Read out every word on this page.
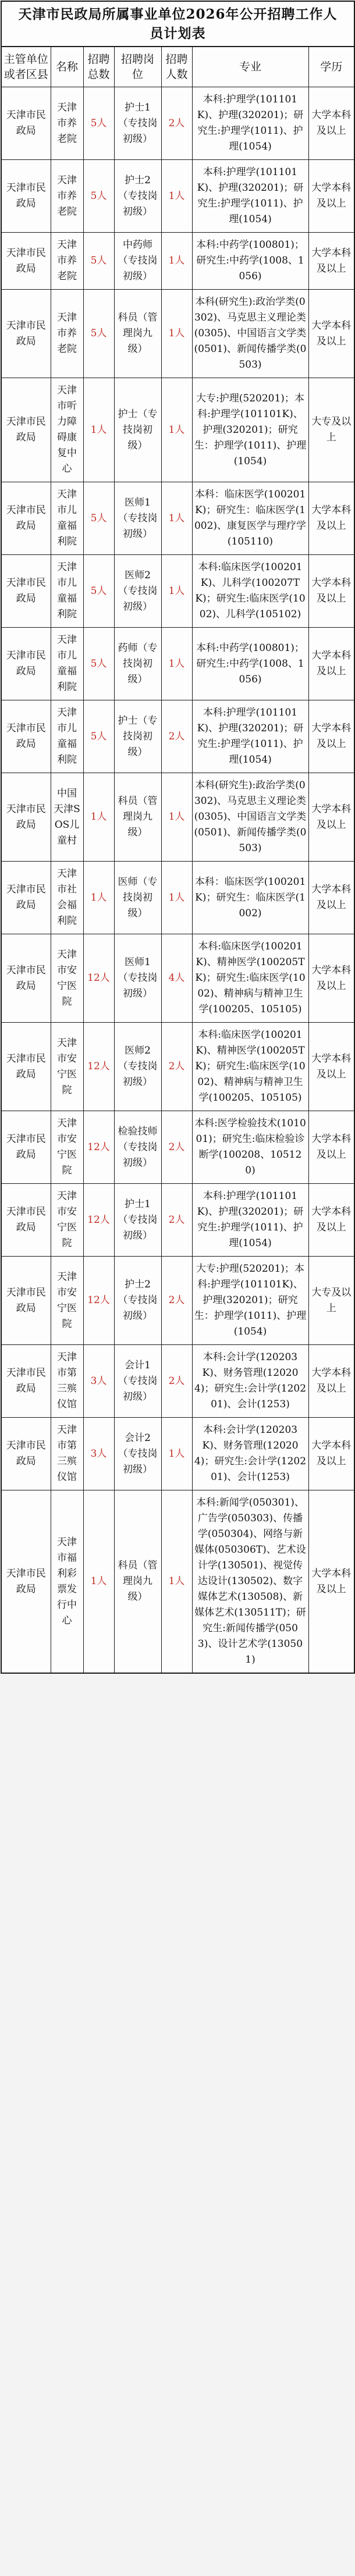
天津市民政局所属事业单位2026年公开招聘工作人员计划表
主管单位或者区县	名称	招聘总数	招聘岗位	招聘人数	专业	学历
天津市民政局	天津市养老院	5人	护士1（专技岗初级）	2人	本科:护理学(101101K)、护理(320201)；研究生:护理学(1011)、护理(1054)	大学本科及以上
天津市民政局	天津市养老院	5人	护士2（专技岗初级）	1人	本科:护理学(101101K)、护理(320201)；研究生:护理学(1011)、护理(1054)	大学本科及以上
天津市民政局	天津市养老院	5人	中药师（专技岗初级）	1人	本科:中药学(100801)；研究生:中药学(1008、1056)	大学本科及以上
天津市民政局	天津市养老院	5人	科员（管理岗九级）	1人	本科(研究生):政治学类(0302)、马克思主义理论类(0305)、中国语言文学类(0501)、新闻传播学类(0503)	大学本科及以上
天津市民政局	天津市听力障碍康复中心	1人	护士（专技岗初级）	1人	大专:护理(520201)；本科:护理学(101101K)、护理(320201)；研究生：护理学(1011)、护理(1054)	大专及以上
天津市民政局	天津市儿童福利院	5人	医师1（专技岗初级）	1人	本科：临床医学(100201K)；研究生：临床医学(1002)、康复医学与理疗学(105110)	大学本科及以上
天津市民政局	天津市儿童福利院	5人	医师2（专技岗初级）	1人	本科:临床医学(100201K)、儿科学(100207TK)；研究生:临床医学(1002)、儿科学(105102)	大学本科及以上
天津市民政局	天津市儿童福利院	5人	药师（专技岗初级）	1人	本科:中药学(100801)；研究生:中药学(1008、1056)	大学本科及以上
天津市民政局	天津市儿童福利院	5人	护士（专技岗初级）	2人	本科:护理学(101101K)、护理(320201)；研究生:护理学(1011)、护理(1054)	大学本科及以上
天津市民政局	中国天津SOS儿童村	1人	科员（管理岗九级）	1人	本科(研究生):政治学类(0302)、马克思主义理论类(0305)、中国语言文学类(0501)、新闻传播学类(0503)	大学本科及以上
天津市民政局	天津市社会福利院	1人	医师（专技岗初级）	1人	本科：临床医学(100201K)；研究生：临床医学(1002)	大学本科及以上
天津市民政局	天津市安宁医院	12人	医师1（专技岗初级）	4人	本科:临床医学(100201K)、精神医学(100205TK)；研究生:临床医学(1002)、精神病与精神卫生学(100205、105105)	大学本科及以上
天津市民政局	天津市安宁医院	12人	医师2（专技岗初级）	2人	本科:临床医学(100201K)、精神医学(100205TK)；研究生:临床医学(1002)、精神病与精神卫生学(100205、105105)	大学本科及以上
天津市民政局	天津市安宁医院	12人	检验技师（专技岗初级）	2人	本科:医学检验技术(101001)；研究生:临床检验诊断学(100208、105120)	大学本科及以上
天津市民政局	天津市安宁医院	12人	护士1（专技岗初级）	2人	本科:护理学(101101K)、护理(320201)；研究生:护理学(1011)、护理(1054)	大学本科及以上
天津市民政局	天津市安宁医院	12人	护士2（专技岗初级）	2人	大专:护理(520201)；本科:护理学(101101K)、护理(320201)；研究生：护理学(1011)、护理(1054)	大专及以上
天津市民政局	天津市第三殡仪馆	3人	会计1（专技岗初级）	2人	本科:会计学(120203K)、财务管理(120204)；研究生:会计学(120201)、会计(1253)	大学本科及以上
天津市民政局	天津市第三殡仪馆	3人	会计2（专技岗初级）	1人	本科:会计学(120203K)、财务管理(120204)；研究生:会计学(120201)、会计(1253)	大学本科及以上
天津市民政局	天津市福利彩票发行中心	1人	科员（管理岗九级）	1人	本科:新闻学(050301)、广告学(050303)、传播学(050304)、网络与新媒体(050306T)、艺术设计学(130501)、视觉传达设计(130502)、数字媒体艺术(130508)、新媒体艺术(130511T)；研究生:新闻传播学(0503)、设计艺术学(130501)	大学本科及以上
